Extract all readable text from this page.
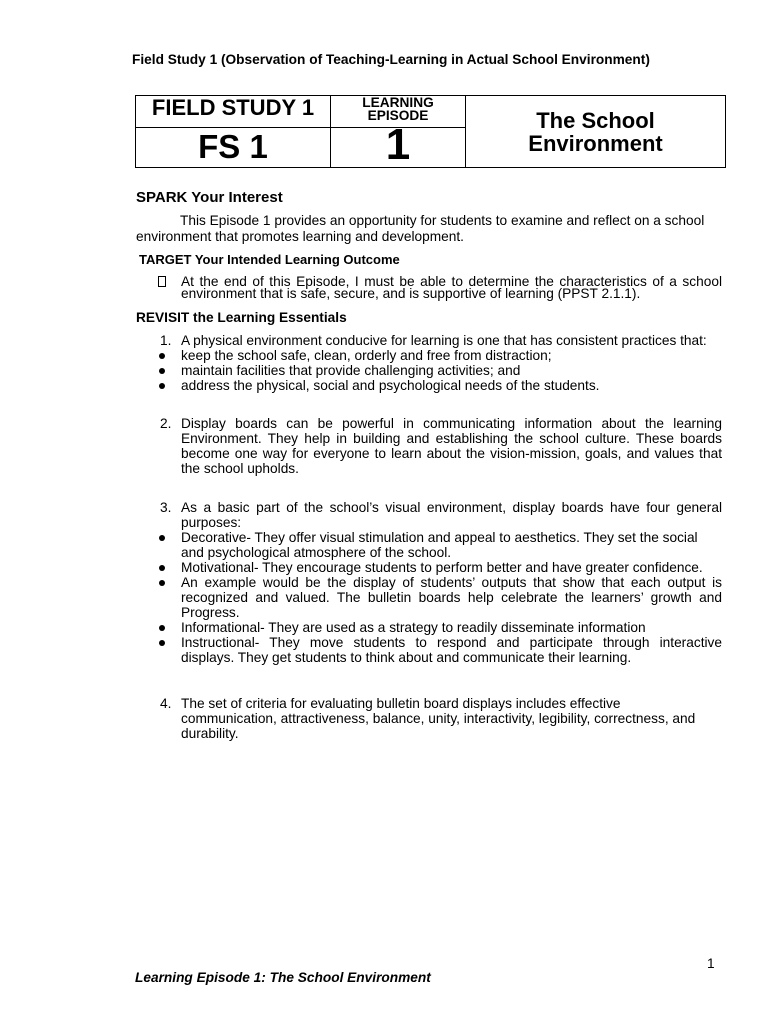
Field Study 1 (Observation of Teaching-Learning in Actual School Environment)
FIELD STUDY 1
FS 1
LEARNING
EPISODE
1	The School
Environment
SPARK Your Interest
This Episode 1 provides an opportunity for students to examine and reflect on a school
environment that promotes learning and development.
TARGET Your Intended Learning Outcome
At the end of this Episode, I must be able to determine the characteristics of a school
environment that is safe, secure, and is supportive of learning (PPST 2.1.1).
REVISIT the Learning Essentials
1. A physical environment conducive for learning is one that has consistent practices that:
keep the school safe, clean, orderly and free from distraction;
maintain facilities that provide challenging activities; and
address the physical, social and psychological needs of the students.
2. Display boards can be powerful in communicating information about the learning
Environment. They help in building and establishing the school culture. These boards
become one way for everyone to learn about the vision-mission, goals, and values that
the school upholds.
3. As a basic part of the school’s visual environment, display boards have four general
purposes:
Decorative- They offer visual stimulation and appeal to aesthetics. They set the social
and psychological atmosphere of the school.
Motivational- They encourage students to perform better and have greater confidence.
An example would be the display of students’ outputs that show that each output is
recognized and valued. The bulletin boards help celebrate the learners’ growth and
Progress.
Informational- They are used as a strategy to readily disseminate information
Instructional- They move students to respond and participate through interactive
displays. They get students to think about and communicate their learning.
4. The set of criteria for evaluating bulletin board displays includes effective
communication, attractiveness, balance, unity, interactivity, legibility, correctness, and
durability.
1
Learning Episode 1: The School Environment
